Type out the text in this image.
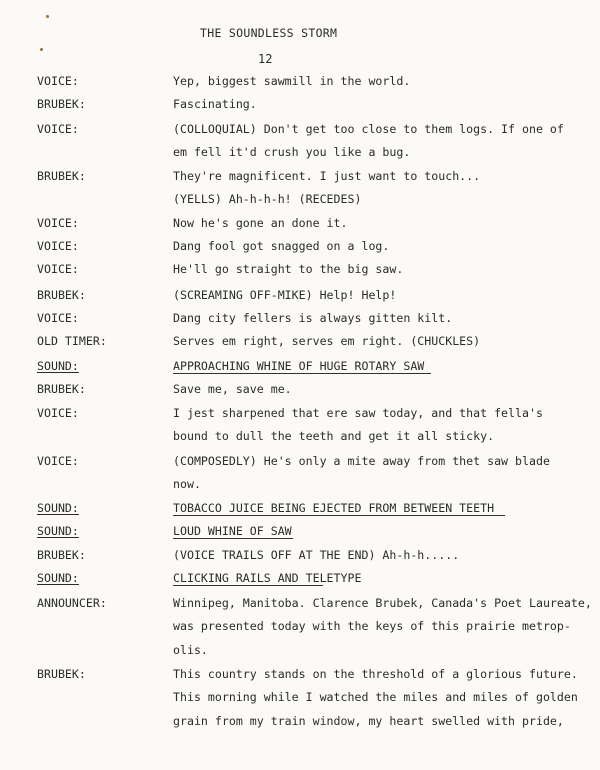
THE SOUNDLESS STORM
12
VOICE:	Yep, biggest sawmill in the world.
BRUBEK:	Fascinating.
VOICE:	(COLLOQUIAL) Don't get too close to them logs. If one of
em fell it'd crush you like a bug.
BRUBEK:	They're magnificent. I just want to touch...
(YELLS) Ah-h-h-h! (RECEDES)
VOICE:	Now he's gone an done it.
VOICE:	Dang fool got snagged on a log.
VOICE:	He'll go straight to the big saw.
BRUBEK:	(SCREAMING OFF-MIKE) Help! Help!
VOICE:	Dang city fellers is always gitten kilt.
OLD TIMER:	Serves em right, serves em right. (CHUCKLES)
SOUND:	APPROACHING WHINE OF HUGE ROTARY SAW
BRUBEK:	Save me, save me.
VOICE:	I jest sharpened that ere saw today, and that fella's
bound to dull the teeth and get it all sticky.
VOICE:	(COMPOSEDLY) He's only a mite away from thet saw blade
now.
SOUND:	TOBACCO JUICE BEING EJECTED FROM BETWEEN TEETH
SOUND:	LOUD WHINE OF SAW
BRUBEK:	(VOICE TRAILS OFF AT THE END) Ah-h-h.....
SOUND:	CLICKING RAILS AND TELETYPE
ANNOUNCER:	Winnipeg, Manitoba. Clarence Brubek, Canada's Poet Laureate,
was presented today with the keys of this prairie metrop-
olis.
BRUBEK:	This country stands on the threshold of a glorious future.
This morning while I watched the miles and miles of golden
grain from my train window, my heart swelled with pride,
